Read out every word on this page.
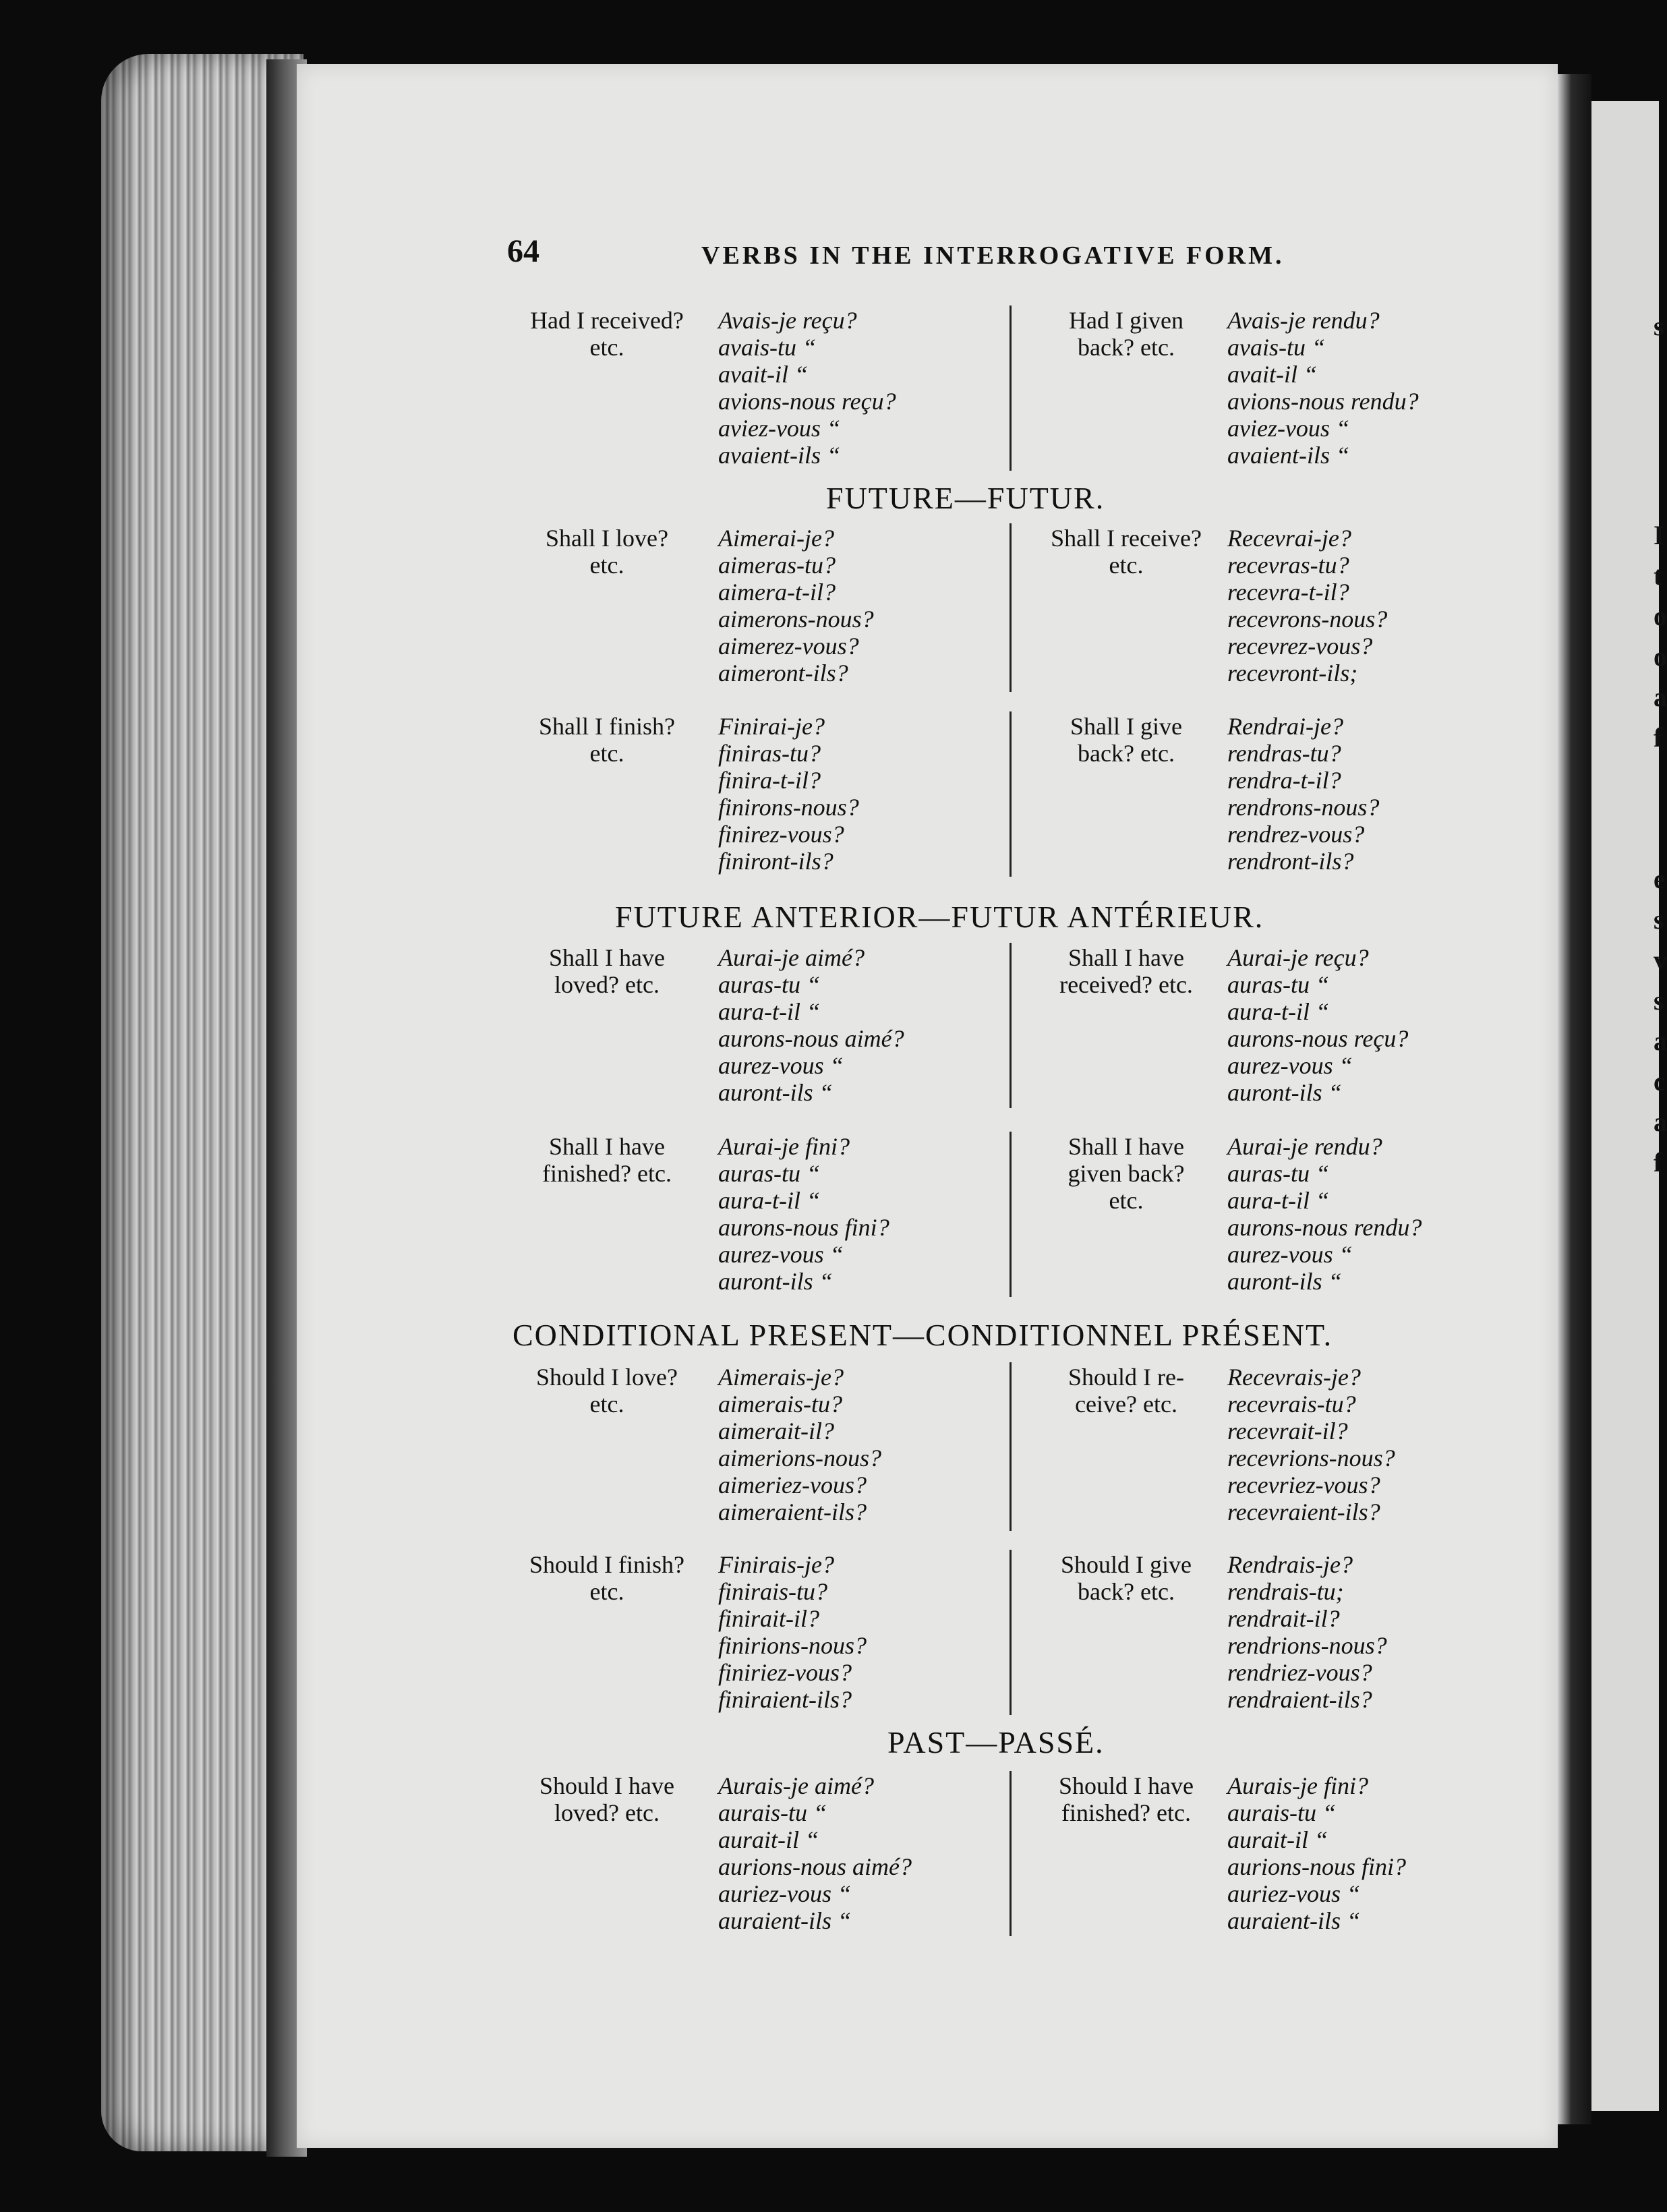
s
I
t
o
o
a
f
e
s
v
s
a
c
a
f
64	VERBS IN THE INTERROGATIVE FORM.
FUTURE—FUTUR.
FUTURE ANTERIOR—FUTUR ANTÉRIEUR.
CONDITIONAL PRESENT—CONDITIONNEL PRÉSENT.
PAST—PASSÉ.
Had I received?
etc.
Avais-je reçu?
avais-tu “
avait-il “
avions-nous reçu?
aviez-vous “
avaient-ils “
Had I given
back? etc.
Avais-je rendu?
avais-tu “
avait-il “
avions-nous rendu?
aviez-vous “
avaient-ils “
Shall I love?
etc.
Aimerai-je?
aimeras-tu?
aimera-t-il?
aimerons-nous?
aimerez-vous?
aimeront-ils?
Shall I receive?
etc.
Recevrai-je?
recevras-tu?
recevra-t-il?
recevrons-nous?
recevrez-vous?
recevront-ils;
Shall I finish?
etc.
Finirai-je?
finiras-tu?
finira-t-il?
finirons-nous?
finirez-vous?
finiront-ils?
Shall I give
back? etc.
Rendrai-je?
rendras-tu?
rendra-t-il?
rendrons-nous?
rendrez-vous?
rendront-ils?
Shall I have
loved? etc.
Aurai-je aimé?
auras-tu “
aura-t-il “
aurons-nous aimé?
aurez-vous “
auront-ils “
Shall I have
received? etc.
Aurai-je reçu?
auras-tu “
aura-t-il “
aurons-nous reçu?
aurez-vous “
auront-ils “
Shall I have
finished? etc.
Aurai-je fini?
auras-tu “
aura-t-il “
aurons-nous fini?
aurez-vous “
auront-ils “
Shall I have
given back?
etc.
Aurai-je rendu?
auras-tu “
aura-t-il “
aurons-nous rendu?
aurez-vous “
auront-ils “
Should I love?
etc.
Aimerais-je?
aimerais-tu?
aimerait-il?
aimerions-nous?
aimeriez-vous?
aimeraient-ils?
Should I re-
ceive? etc.
Recevrais-je?
recevrais-tu?
recevrait-il?
recevrions-nous?
recevriez-vous?
recevraient-ils?
Should I finish?
etc.
Finirais-je?
finirais-tu?
finirait-il?
finirions-nous?
finiriez-vous?
finiraient-ils?
Should I give
back? etc.
Rendrais-je?
rendrais-tu;
rendrait-il?
rendrions-nous?
rendriez-vous?
rendraient-ils?
Should I have
loved? etc.
Aurais-je aimé?
aurais-tu “
aurait-il “
aurions-nous aimé?
auriez-vous “
auraient-ils “
Should I have
finished? etc.
Aurais-je fini?
aurais-tu “
aurait-il “
aurions-nous fini?
auriez-vous “
auraient-ils “
